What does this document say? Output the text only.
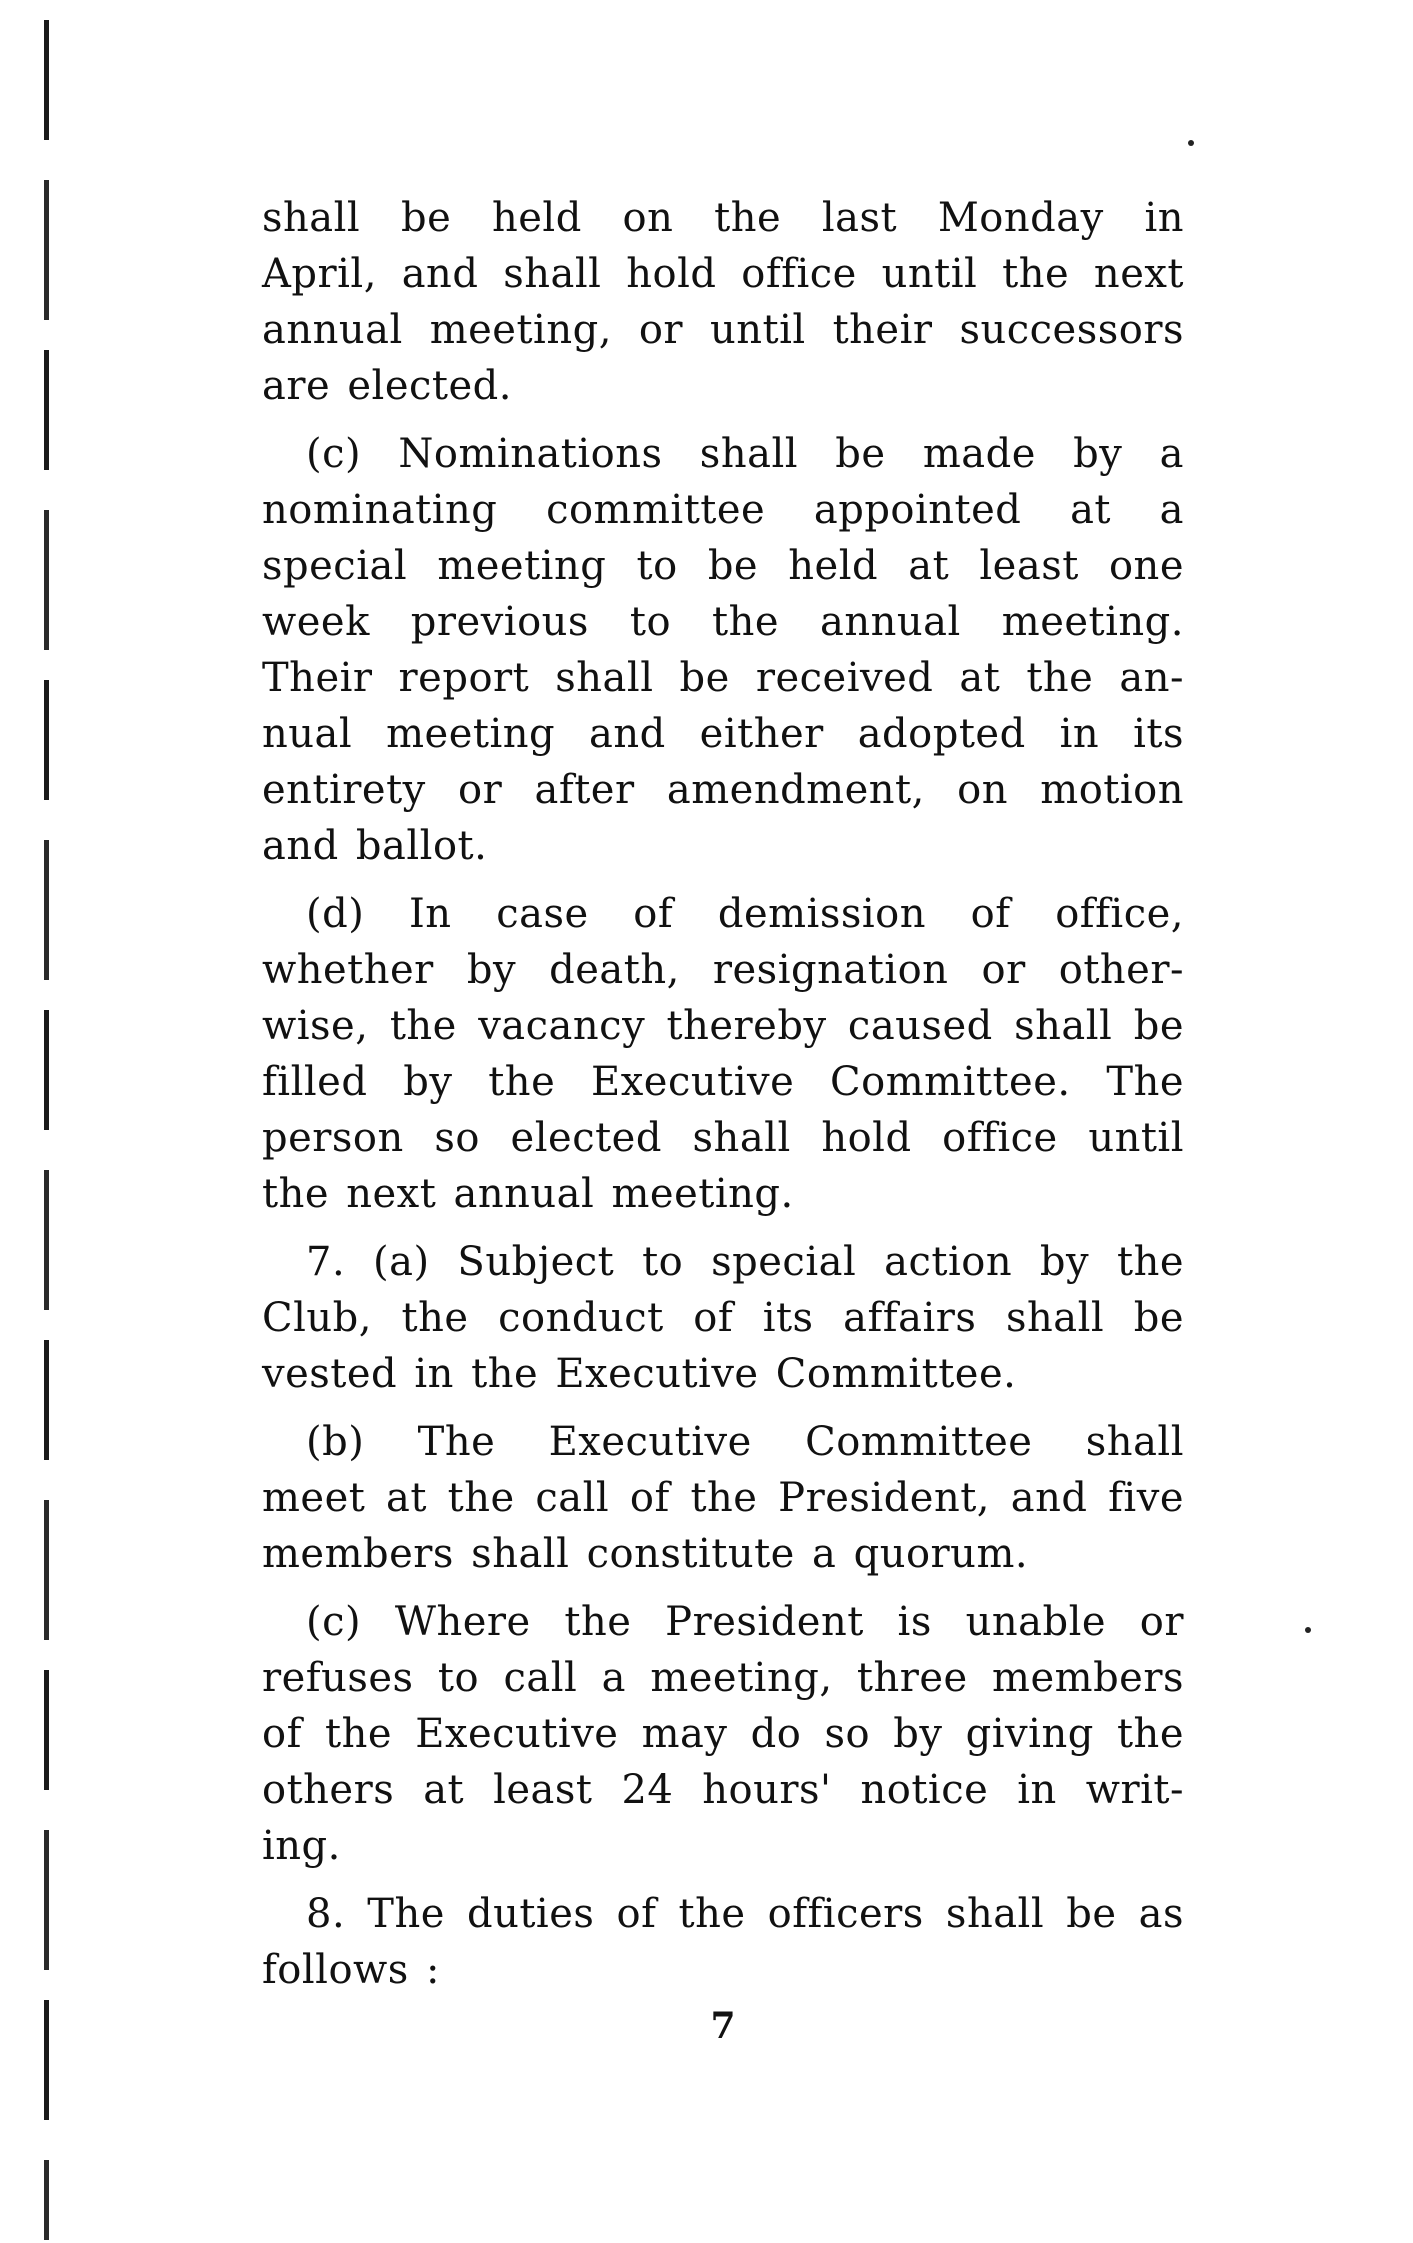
shall be held on the last Monday in
April, and shall hold office until the next
annual meeting, or until their successors
are elected.
(c) Nominations shall be made by a
nominating committee appointed at a
special meeting to be held at least one
week previous to the annual meeting.
Their report shall be received at the an-
nual meeting and either adopted in its
entirety or after amendment, on motion
and ballot.
(d) In case of demission of office,
whether by death, resignation or other-
wise, the vacancy thereby caused shall be
filled by the Executive Committee. The
person so elected shall hold office until
the next annual meeting.
7. (a) Subject to special action by the
Club, the conduct of its affairs shall be
vested in the Executive Committee.
(b) The Executive Committee shall
meet at the call of the President, and five
members shall constitute a quorum.
(c) Where the President is unable or
refuses to call a meeting, three members
of the Executive may do so by giving the
others at least 24 hours' notice in writ-
ing.
8. The duties of the officers shall be as
follows :
7
